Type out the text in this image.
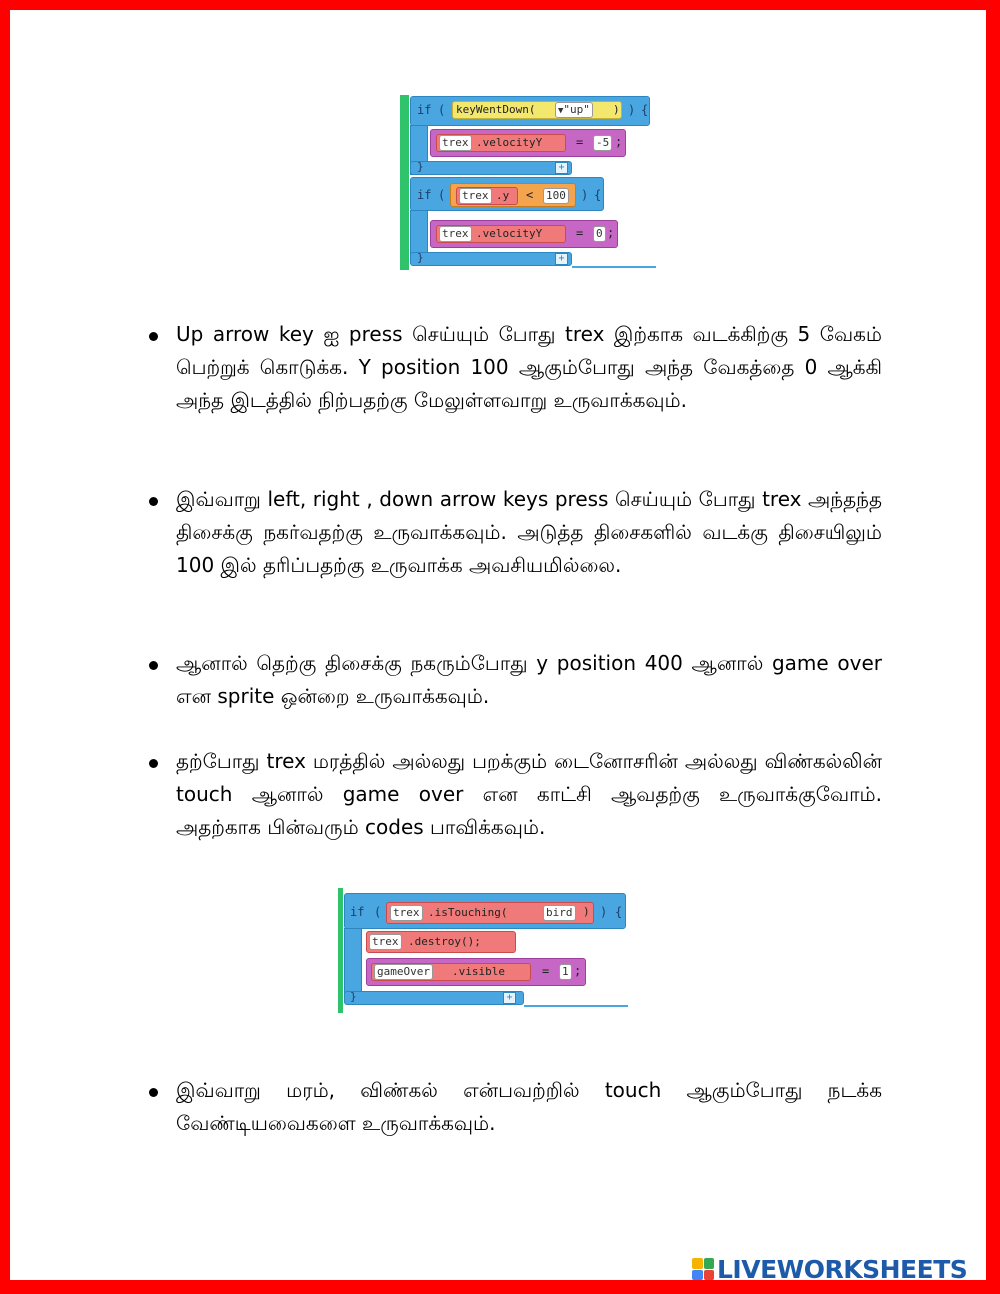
if ( keyWentDown(	▼"up" ) ) {
trex .velocityY	= -5 ;
}	+
if ( trex .y < 100 ) {
trex .velocityY	= 0 ;
}	+

Up arrow key ஐ press செய்யும் போது trex இற்காக வடக்கிற்கு 5 வேகம் பெற்றுக் கொடுக்க. Y position 100 ஆகும்போது அந்த வேகத்தை 0 ஆக்கி அந்த இடத்தில் நிற்பதற்கு மேலுள்ளவாறு உருவாக்கவும்.

இவ்வாறு left, right , down arrow keys press செய்யும் போது trex அந்தந்த திசைக்கு நகர்வதற்கு உருவாக்கவும். அடுத்த திசைகளில் வடக்கு திசையிலும் 100 இல் தரிப்பதற்கு உருவாக்க அவசியமில்லை.

ஆனால் தெற்கு திசைக்கு நகரும்போது y position 400 ஆனால் game over என sprite ஒன்றை உருவாக்கவும்.

தற்போது trex மரத்தில் அல்லது பறக்கும் டைனோசரின் அல்லது விண்கல்லின் touch ஆனால் game over என காட்சி ஆவதற்கு உருவாக்குவோம். அதற்காக பின்வரும் codes பாவிக்கவும்.

இவ்வாறு மரம், விண்கல் என்பவற்றில் touch ஆகும்போது நடக்க வேண்டியவைகளை உருவாக்கவும்.

if ( trex .isTouching(	bird ) ) {
trex .destroy();
gameOver .visible	= 1 ;
}	+
LIVEWORKSHEETS
